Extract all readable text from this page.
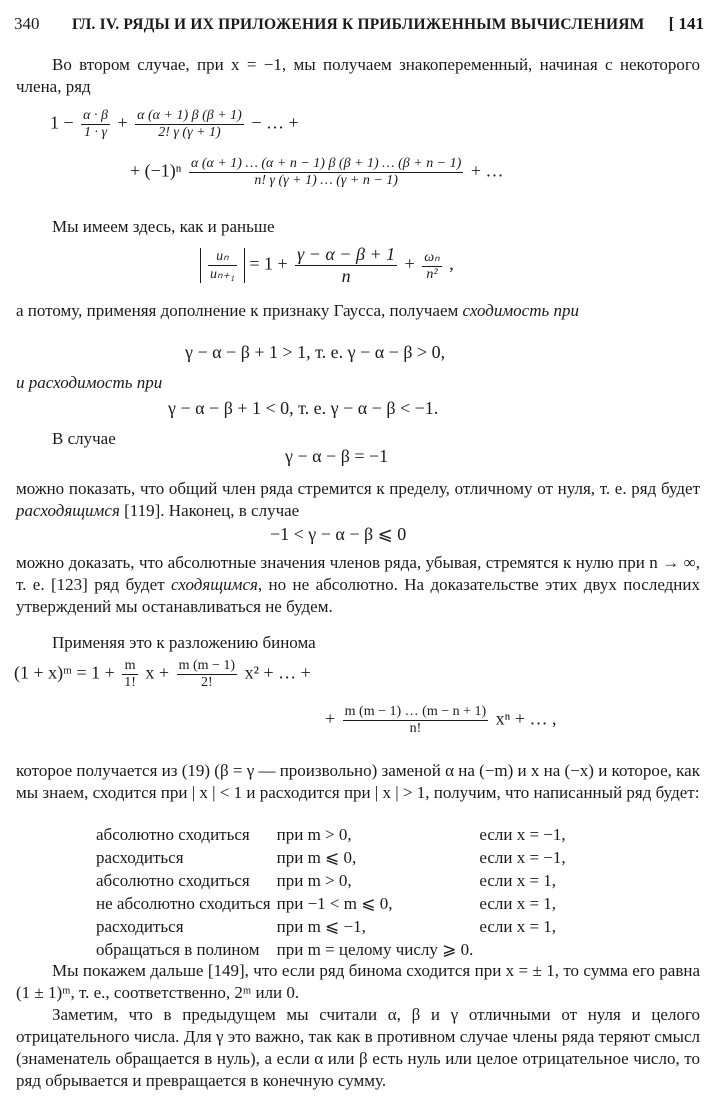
340 ГЛ. IV. РЯДЫ И ИХ ПРИЛОЖЕНИЯ К ПРИБЛИЖЕННЫМ ВЫЧИСЛЕНИЯМ [ 141

Во втором случае, при x = −1, мы получаем знакопеременный, начиная с некоторого члена, ряд

$1 - \frac{\alpha \cdot \beta}{1 \cdot \gamma} + \frac{\alpha (\alpha + 1) \beta (\beta + 1)}{2! \gamma (\gamma + 1)}$ − … +
+ $(-1)^n \frac{\alpha (\alpha + 1) \dots (\alpha + n - 1) \beta (\beta + 1) \dots (\beta + n - 1)}{n! \gamma (\gamma + 1) \dots (\gamma + n - 1)}$ + …

Мы имеем здесь, как и раньше

$\frac{\text{uₙ}}{\text{uₙ₊₁}} = 1 + \frac{\gamma - \alpha - \beta + 1}{n} + \frac{\text{ωₙ}}{\text{n²}}$ ,

а потому, применяя дополнение к признаку Гаусса, получаем сходимость при

γ − α − β + 1 > 1, т. е. γ − α − β > 0,

и расходимость при

γ − α − β + 1 < 0, т. е. γ − α − β < −1.

В случае

γ − α − β = −1

можно показать, что общий член ряда стремится к пределу, отличному от нуля, т. е. ряд будет расходящимся [119]. Наконец, в случае

−1 < γ − α − β ⩽ 0

можно доказать, что абсолютные значения членов ряда, убывая, стремятся к нулю при n → ∞, т. е. [123] ряд будет сходящимся, но не абсолютно. На доказательстве этих двух последних утверждений мы останавливаться не будем.

Применяя это к разложению бинома

(1 + x)ᵐ = $1 + \frac{m}{1!}$ $x + \frac{m (m - 1)}{2!} x^2$ + … +
+ $\frac{m (m - 1) \dots (m - n + 1)}{n!}$ xⁿ + … ,

которое получается из (19) (β = γ — произвольно) заменой α на (−m) и x на (−x) и которое, как мы знаем, сходится при | x | < 1 и расходится при | x | > 1, получим, что написанный ряд будет:

абсолютно сходиться	при m > 0,	если x = −1,
расходиться	при m ⩽ 0,	если x = −1,
абсолютно сходиться	при m > 0,	если x = 1,
не абсолютно сходиться	при −1 < m ⩽ 0,	если x = 1,
расходиться	при m ⩽ −1,	если x = 1,
обращаться в полином	при m = целому числу ⩾ 0.	

Мы покажем дальше [149], что если ряд бинома сходится при x = ± 1, то сумма его равна (1 ± 1)ᵐ, т. е., соответственно, 2ᵐ или 0.

Заметим, что в предыдущем мы считали α, β и γ отличными от нуля и целого отрицательного числа. Для γ это важно, так как в противном случае члены ряда теряют смысл (знаменатель обращается в нуль), а если α или β есть нуль или целое отрицательное число, то ряд обрывается и превращается в конечную сумму.
